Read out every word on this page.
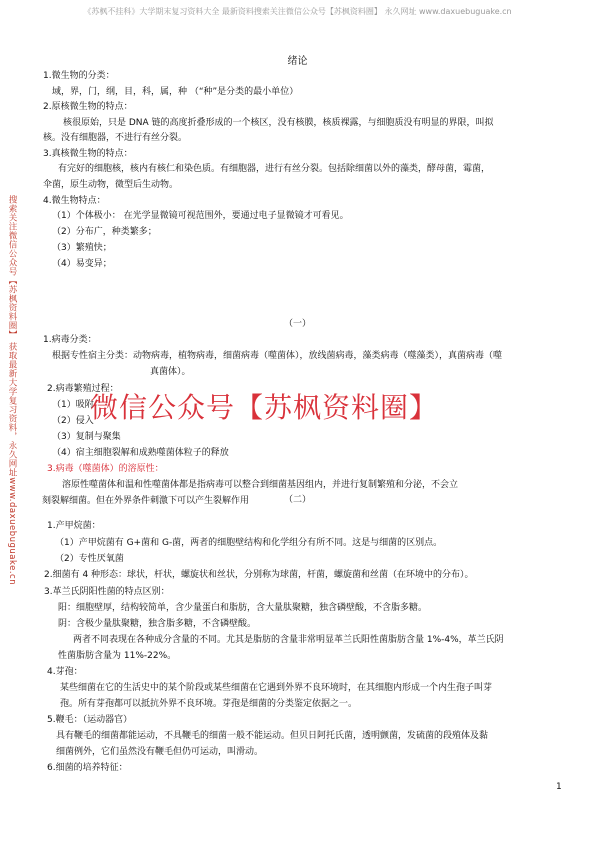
《苏枫不挂科》大学期末复习资料大全 最新资料搜索关注微信公众号【苏枫资料圈】 永久网址 www.daxuebuguake.cn
搜索关注微信公众号【苏枫资料圈】 获取最新大学复习资料，永久网址www.daxuebuguake.cn
绪论
1.微生物的分类：
域，界，门，纲，目，科，属，种 （“种”是分类的最小单位）
2.原核微生物的特点：
核很原始，只是 DNA 链的高度折叠形成的一个核区，没有核膜，核质裸露，与细胞质没有明显的界限，叫拟
核。没有细胞器，不进行有丝分裂。
3.真核微生物的特点：
有完好的细胞核，核内有核仁和染色质。有细胞器，进行有丝分裂。包括除细菌以外的藻类，酵母菌，霉菌，
伞菌，原生动物，微型后生动物。
4.微生物特点：
（1）个体极小： 在光学显微镜可视范围外，要通过电子显微镜才可看见。
（2）分布广，种类繁多；
（3）繁殖快；
（4）易变异；
（一）
1.病毒分类：
根据专性宿主分类：动物病毒，植物病毒，细菌病毒（噬菌体），放线菌病毒，藻类病毒（噬藻类），真菌病毒（噬
真菌体）。
2.病毒繁殖过程：
（1）吸附
（2）侵入
（3）复制与聚集
（4）宿主细胞裂解和成熟噬菌体粒子的释放
3.病毒（噬菌体）的溶原性：
溶原性噬菌体和温和性噬菌体都是指病毒可以整合到细菌基因组内，并进行复制繁殖和分泌，不会立
刻裂解细菌。但在外界条件刺激下可以产生裂解作用	（二）
1.产甲烷菌：
（1）产甲烷菌有 G+菌和 G-菌，两者的细胞壁结构和化学组分有所不同。这是与细菌的区别点。
（2）专性厌氧菌
2.细菌有 4 种形态：球状，杆状，螺旋状和丝状，分别称为球菌，杆菌，螺旋菌和丝菌（在环境中的分布）。
3.革兰氏阴阳性菌的特点区别：
阳：细胞壁厚，结构较简单，含少量蛋白和脂肪，含大量肽聚糖，独含磷壁酸，不含脂多糖。
阴：含极少量肽聚糖，独含脂多糖，不含磷壁酸。
两者不同表现在各种成分含量的不同。尤其是脂肪的含量非常明显革兰氏阳性菌脂肪含量 1%-4%，革兰氏阴
性菌脂肪含量为 11%-22%。
4.芽孢：
某些细菌在它的生活史中的某个阶段或某些细菌在它遇到外界不良环境时，在其细胞内形成一个内生孢子叫芽
孢。所有芽孢都可以抵抗外界不良环境。芽孢是细菌的分类鉴定依据之一。
5.鞭毛：（运动器官）
具有鞭毛的细菌都能运动，不具鞭毛的细菌一般不能运动。但贝日阿托氏菌，透明颤菌，发硫菌的段殖体及黏
细菌例外，它们虽然没有鞭毛但仍可运动，叫滑动。
6.细菌的培养特征：
微信公众号【苏枫资料圈】
1
